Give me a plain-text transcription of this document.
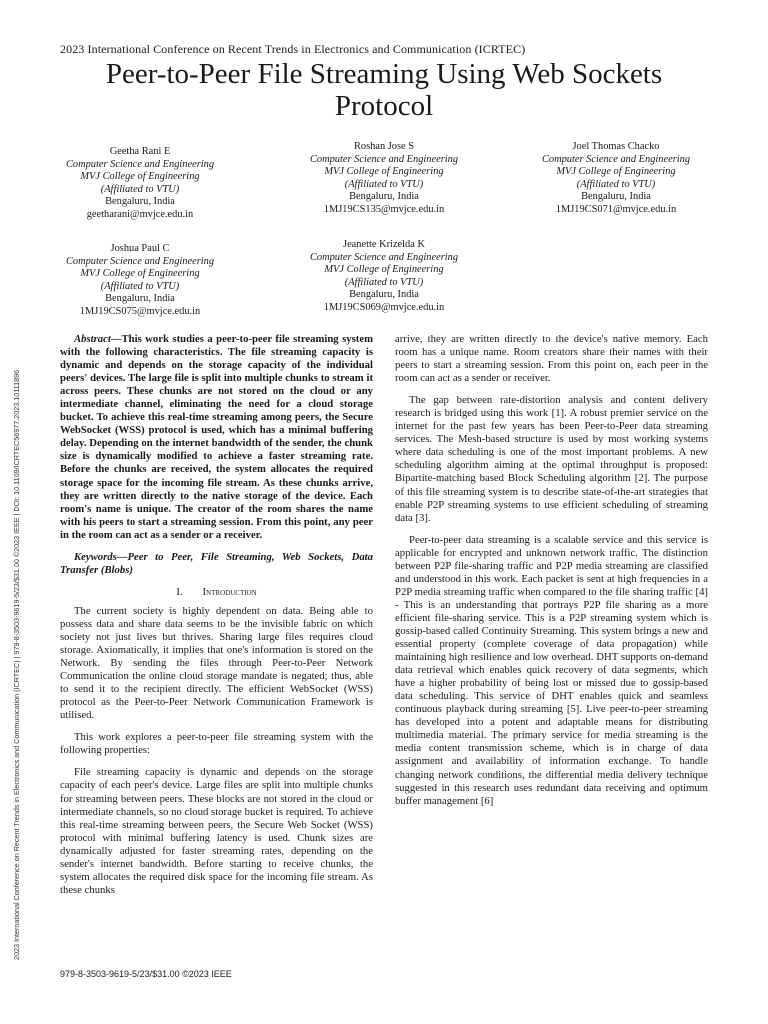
2023 International Conference on Recent Trends in Electronics and Communication (ICRTEC)
Peer-to-Peer File Streaming Using Web Sockets Protocol
Geetha Rani E
Computer Science and Engineering
MVJ College of Engineering
(Affiliated to VTU)
Bengaluru, India
geetharani@mvjce.edu.in
Roshan Jose S
Computer Science and Engineering
MVJ College of Engineering
(Affiliated to VTU)
Bengaluru, India
1MJ19CS135@mvjce.edu.in
Joel Thomas Chacko
Computer Science and Engineering
MVJ College of Engineering
(Affiliated to VTU)
Bengaluru, India
1MJ19CS071@mvjce.edu.in
Joshua Paul C
Computer Science and Engineering
MVJ College of Engineering
(Affiliated to VTU)
Bengaluru, India
1MJ19CS075@mvjce.edu.in
Jeanette Krizelda K
Computer Science and Engineering
MVJ College of Engineering
(Affiliated to VTU)
Bengaluru, India
1MJ19CS069@mvjce.edu.in
2023 International Conference on Recent Trends in Electronics and Communication (ICRTEC) | 979-8-3503-9619-5/23/$31.00 ©2023 IEEE | DOI: 10.1109/ICRTEC56977.2023.10111896

Abstract—This work studies a peer-to-peer file streaming system with the following characteristics. The file streaming capacity is dynamic and depends on the storage capacity of the individual peers' devices. The large file is split into multiple chunks to stream it across peers. These chunks are not stored on the cloud or any intermediate channel, eliminating the need for a cloud storage bucket. To achieve this real-time streaming among peers, the Secure WebSocket (WSS) protocol is used, which has a minimal buffering delay. Depending on the internet bandwidth of the sender, the chunk size is dynamically modified to achieve a faster streaming rate. Before the chunks are received, the system allocates the required storage space for the incoming file stream. As these chunks arrive, they are written directly to the native storage of the device. Each room's name is unique. The creator of the room shares the name with his peers to start a streaming session. From this point, any peer in the room can act as a sender or a receiver.

Keywords—Peer to Peer, File Streaming, Web Sockets, Data Transfer (Blobs)

I. Introduction

The current society is highly dependent on data. Being able to possess data and share data seems to be the invisible fabric on which society not just lives but thrives. Sharing large files requires cloud storage. Axiomatically, it implies that one's information is stored on the Network. By sending the files through Peer-to-Peer Network Communication the online cloud storage mandate is negated; thus, able to send it to the recipient directly. The efficient WebSocket (WSS) protocol as the Peer-to-Peer Network Communication Framework is utilised.

This work explores a peer-to-peer file streaming system with the following properties:

File streaming capacity is dynamic and depends on the storage capacity of each peer's device. Large files are split into multiple chunks for streaming between peers. These blocks are not stored in the cloud or intermediate channels, so no cloud storage bucket is required. To achieve this real-time streaming between peers, the Secure Web Socket (WSS) protocol with minimal buffering latency is used. Chunk sizes are dynamically adjusted for faster streaming rates, depending on the sender's internet bandwidth. Before starting to receive chunks, the system allocates the required disk space for the incoming file stream. As these chunks

arrive, they are written directly to the device's native memory. Each room has a unique name. Room creators share their names with their peers to start a streaming session. From this point on, each peer in the room can act as a sender or receiver.

The gap between rate-distortion analysis and content delivery research is bridged using this work [1]. A robust premier service on the internet for the past few years has been Peer-to-Peer data streaming services. The Mesh-based structure is used by most working systems where data scheduling is one of the most important problems. A new scheduling algorithm aiming at the optimal throughput is proposed: Bipartite-matching based Block Scheduling algorithm [2]. The purpose of this file streaming system is to describe state-of-the-art strategies that enable P2P streaming systems to use efficient scheduling of streaming data [3].

Peer-to-peer data streaming is a scalable service and this service is applicable for encrypted and unknown network traffic. The distinction between P2P file-sharing traffic and P2P media streaming are classified and understood in this work. Each packet is sent at high frequencies in a P2P media streaming traffic when compared to the file sharing traffic [4] - This is an understanding that portrays P2P file sharing as a more efficient file-sharing service. This is a P2P streaming system which is gossip-based called Continuity Streaming. This system brings a new and essential property (complete coverage of data propagation) while maintaining high resilience and low overhead. DHT supports on-demand data retrieval which enables quick recovery of data segments, which have a higher probability of being lost or missed due to gossip-based data scheduling. This service of DHT enables quick and seamless continuous playback during streaming [5]. Live peer-to-peer streaming has developed into a potent and adaptable means for distributing multimedia material. The primary service for media streaming is the media content transmission scheme, which is in charge of data assignment and availability of information exchange. To handle changing network conditions, the differential media delivery technique suggested in this research uses redundant data receiving and optimum buffer management [6]

979-8-3503-9619-5/23/$31.00 ©2023 IEEE
